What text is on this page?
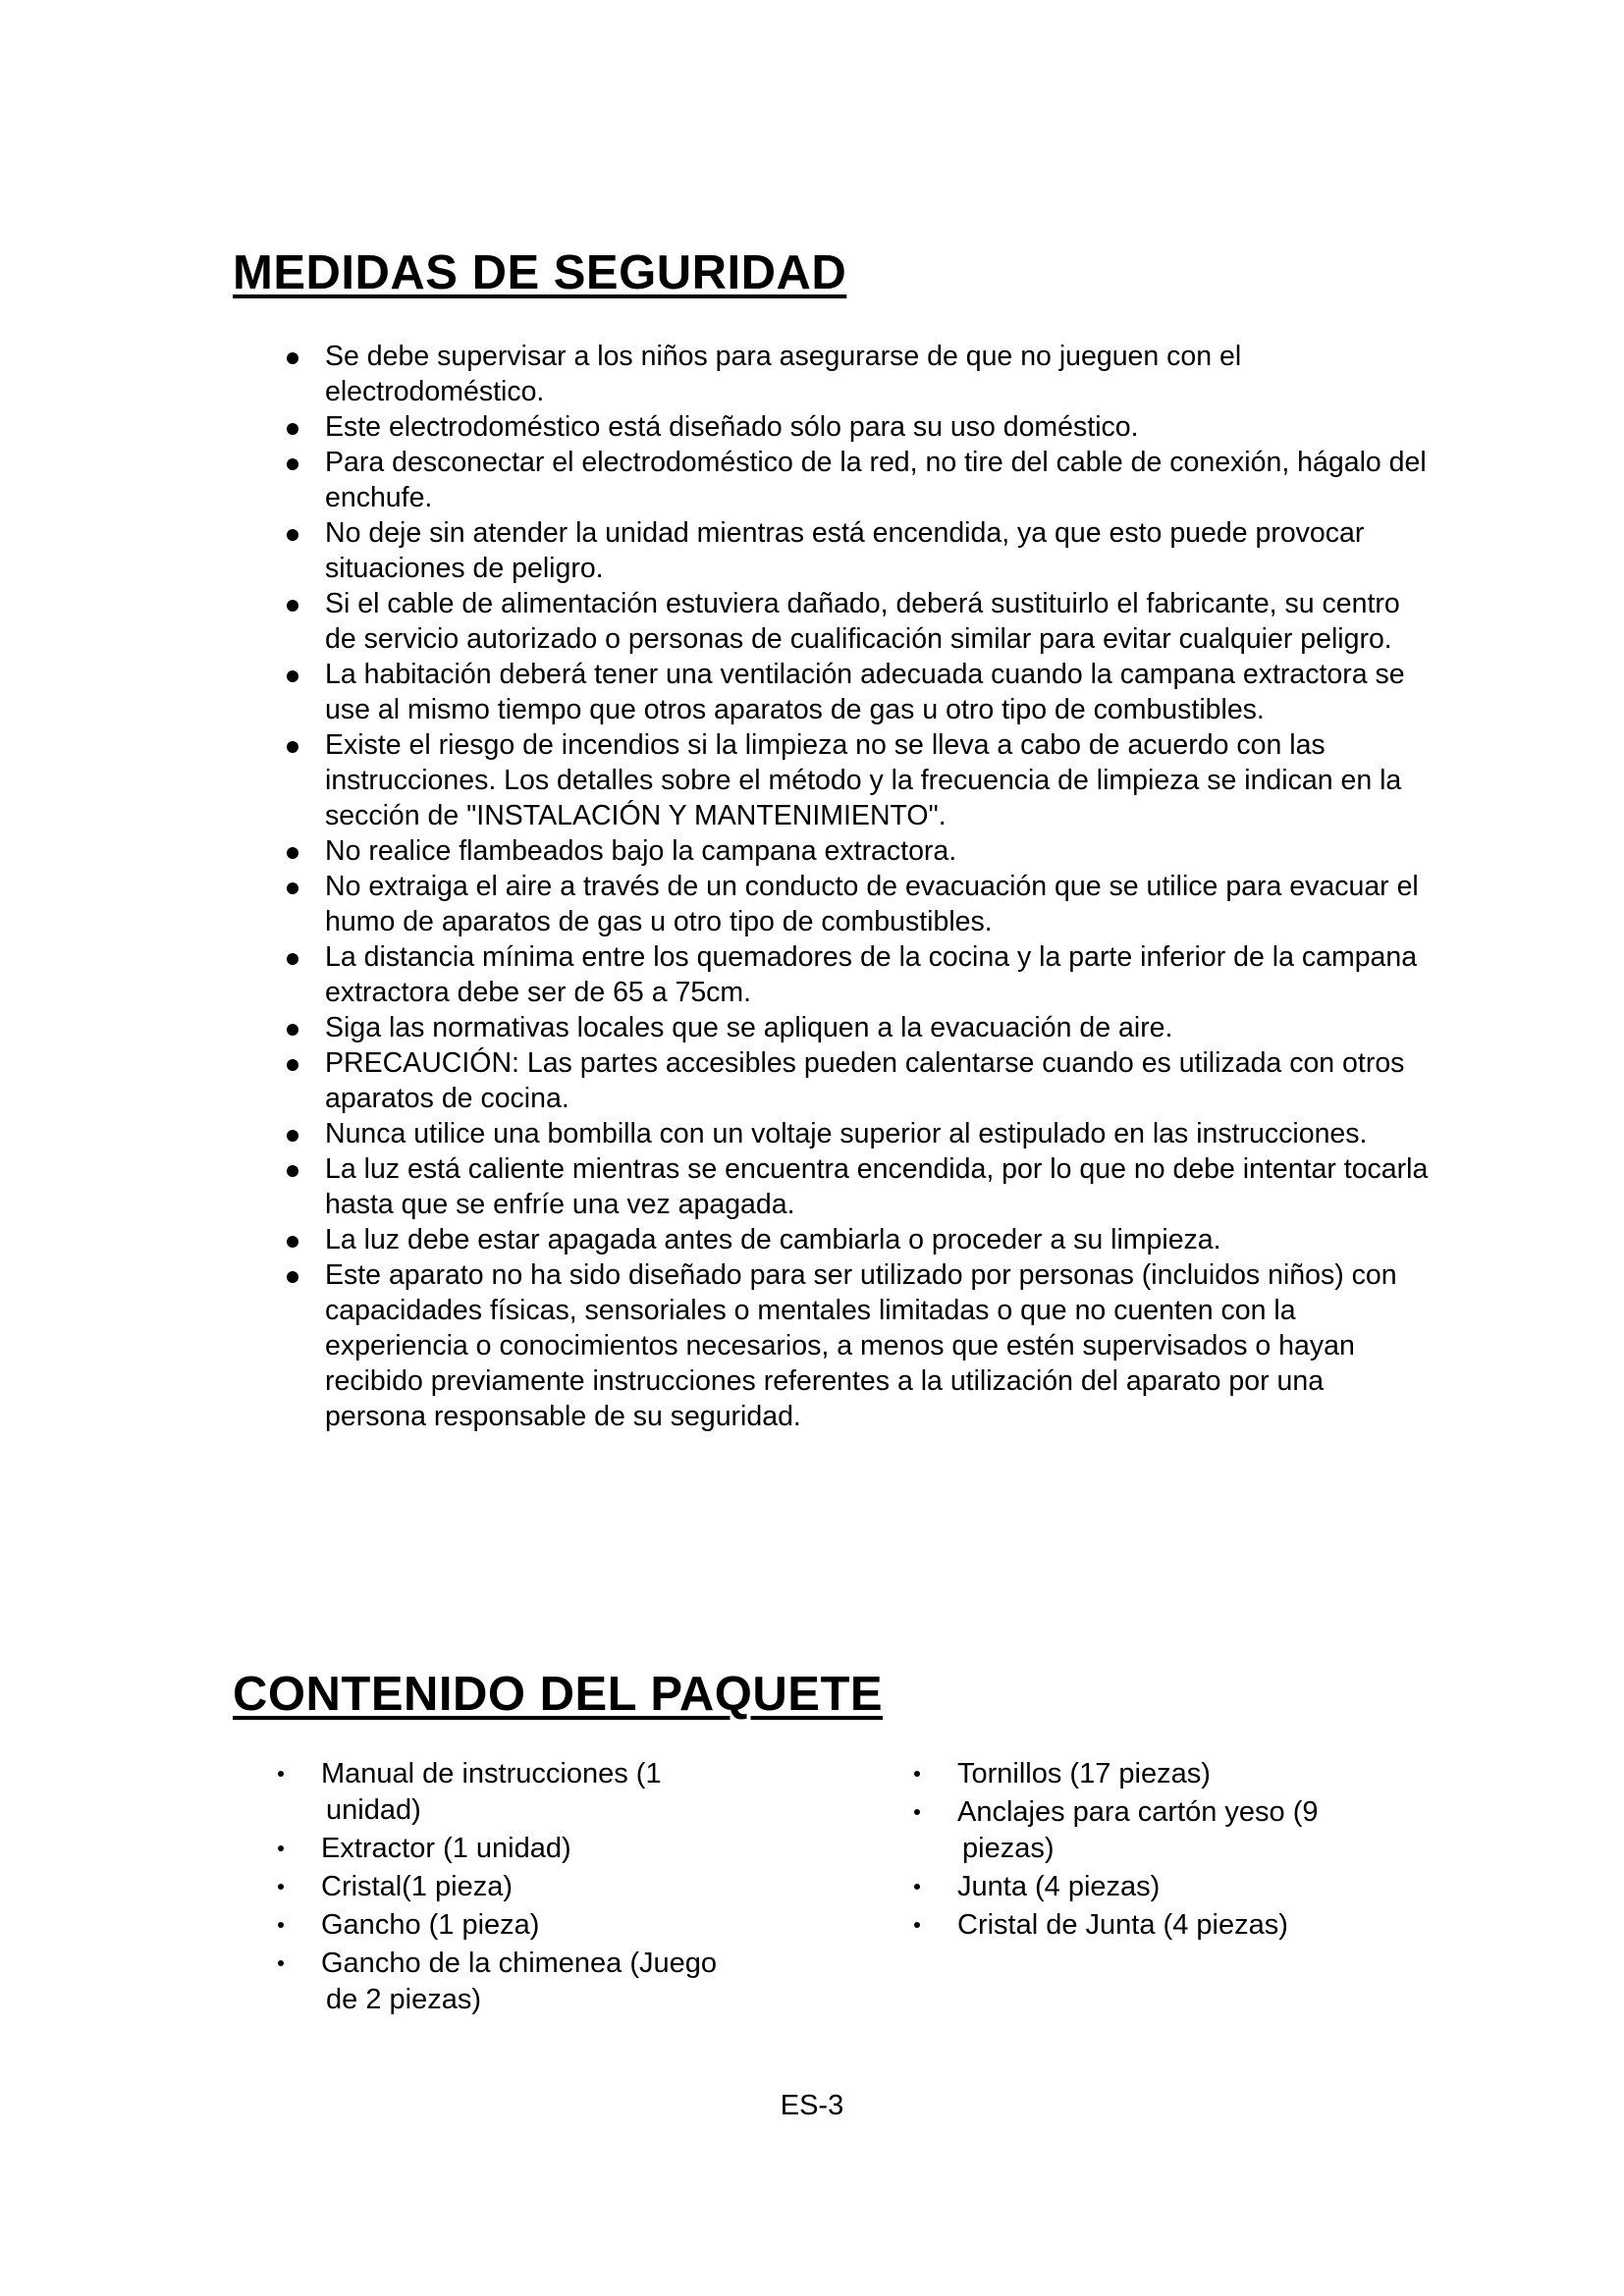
MEDIDAS DE SEGURIDAD
Se debe supervisar a los niños para asegurarse de que no jueguen con el electrodoméstico.
Este electrodoméstico está diseñado sólo para su uso doméstico.
Para desconectar el electrodoméstico de la red, no tire del cable de conexión, hágalo del enchufe.
No deje sin atender la unidad mientras está encendida, ya que esto puede provocar situaciones de peligro.
Si el cable de alimentación estuviera dañado, deberá sustituirlo el fabricante, su centro de servicio autorizado o personas de cualificación similar para evitar cualquier peligro.
La habitación deberá tener una ventilación adecuada cuando la campana extractora se use al mismo tiempo que otros aparatos de gas u otro tipo de combustibles.
Existe el riesgo de incendios si la limpieza no se lleva a cabo de acuerdo con las instrucciones. Los detalles sobre el método y la frecuencia de limpieza se indican en la sección de "INSTALACIÓN Y MANTENIMIENTO".
No realice flambeados bajo la campana extractora.
No extraiga el aire a través de un conducto de evacuación que se utilice para evacuar el humo de aparatos de gas u otro tipo de combustibles.
La distancia mínima entre los quemadores de la cocina y la parte inferior de la campana extractora debe ser de 65 a 75cm.
Siga las normativas locales que se apliquen a la evacuación de aire.
PRECAUCIÓN: Las partes accesibles pueden calentarse cuando es utilizada con otros aparatos de cocina.
Nunca utilice una bombilla con un voltaje superior al estipulado en las instrucciones.
La luz está caliente mientras se encuentra encendida, por lo que no debe intentar tocarla hasta que se enfríe una vez apagada.
La luz debe estar apagada antes de cambiarla o proceder a su limpieza.
Este aparato no ha sido diseñado para ser utilizado por personas (incluidos niños) con capacidades físicas, sensoriales o mentales limitadas o que no cuenten con la experiencia o conocimientos necesarios, a menos que estén supervisados o hayan recibido previamente instrucciones referentes a la utilización del aparato por una persona responsable de su seguridad.
CONTENIDO DEL PAQUETE
Manual de instrucciones (1
unidad)
Extractor (1 unidad)
Cristal(1 pieza)
Gancho (1 pieza)
Gancho de la chimenea (Juego
de 2 piezas)
Tornillos (17 piezas)
Anclajes para cartón yeso (9
piezas)
Junta (4 piezas)
Cristal de Junta (4 piezas)
ES-3
